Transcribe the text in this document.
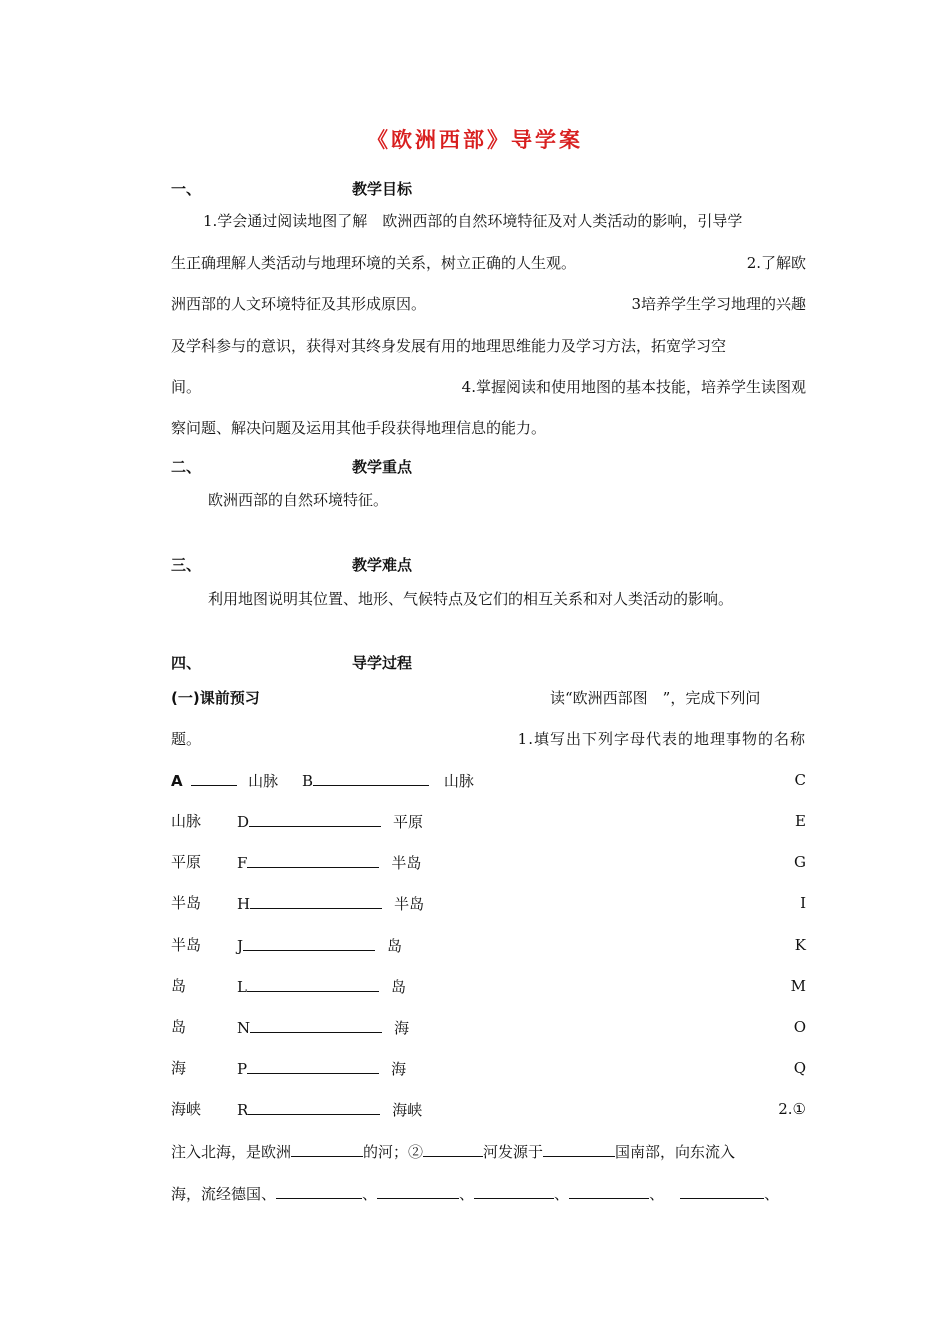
《欧洲西部》导学案
一、	教学目标
1.学会通过阅读地图了解　欧洲西部的自然环境特征及对人类活动的影响，引导学
生正确理解人类活动与地理环境的关系，树立正确的人生观。	2.了解欧
洲西部的人文环境特征及其形成原因。	3培养学生学习地理的兴趣
及学科参与的意识，获得对其终身发展有用的地理思维能力及学习方法，拓宽学习空
间。	4.掌握阅读和使用地图的基本技能，培养学生读图观
察问题、解决问题及运用其他手段获得地理信息的能力。
二、	教学重点
欧洲西部的自然环境特征。
三、	教学难点
利用地图说明其位置、地形、气候特点及它们的相互关系和对人类活动的影响。
四、	导学过程
(一)课前预习	读“欧洲西部图　”，完成下列问
题。	1.填写出下列字母代表的地理事物的名称
A	山脉 B	山脉	C
山脉 D	平原	E
平原 F	半岛	G
半岛 H	半岛	I
半岛 J	岛	K
岛	L	岛	M
岛	N	海	O
海	P	海	Q
海峡 R	海峡	2.①
注入北海，是欧洲	的河；②	河发源于	国南部，向东流入
海，流经德国、	、	、	、	、	、
